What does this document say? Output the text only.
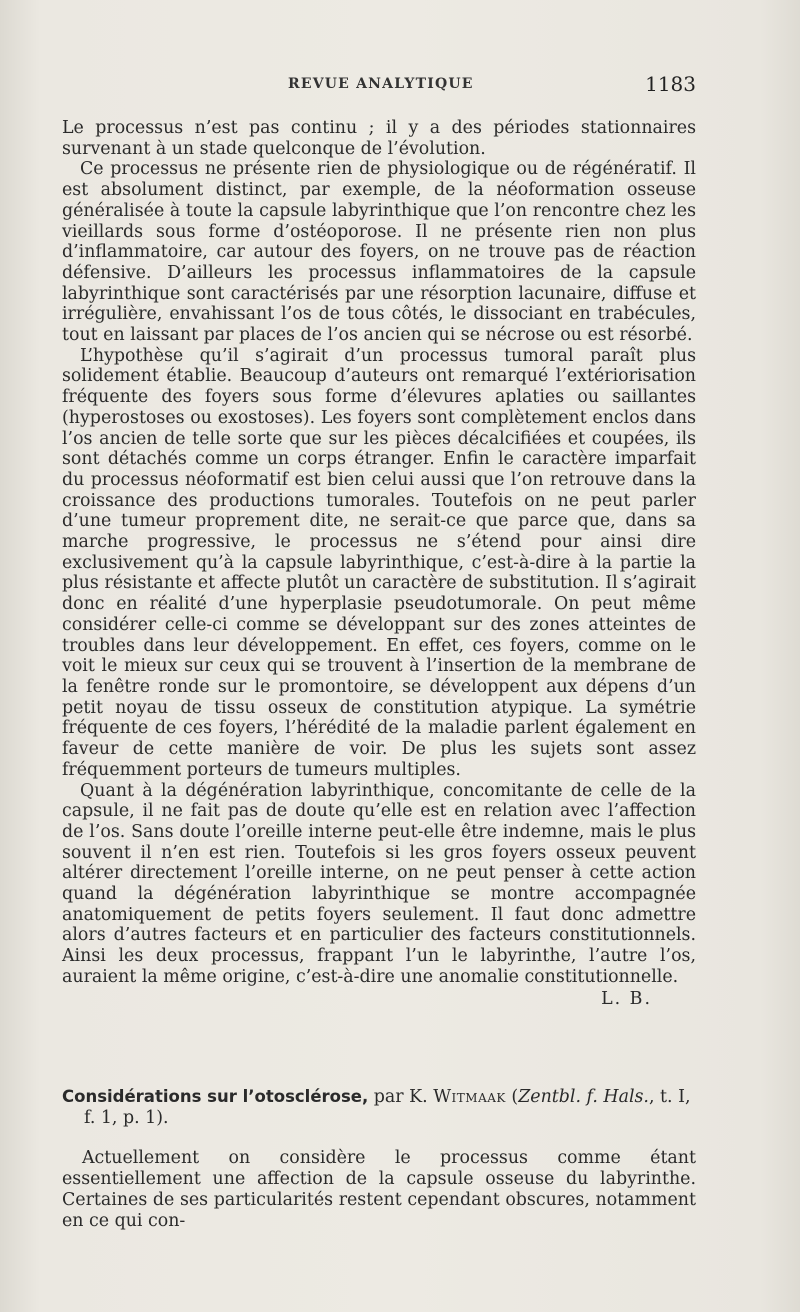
REVUE ANALYTIQUE	1183

Le processus n’est pas continu ; il y a des périodes stationnaires survenant à un stade quelconque de l’évolution.

Ce processus ne présente rien de physiologique ou de régénératif. Il est absolument distinct, par exemple, de la néoformation osseuse généralisée à toute la capsule labyrinthique que l’on rencontre chez les vieillards sous forme d’ostéoporose. Il ne présente rien non plus d’inflammatoire, car autour des foyers, on ne trouve pas de réaction défensive. D’ailleurs les processus inflammatoires de la capsule labyrinthique sont caractérisés par une résorption lacunaire, diffuse et irrégulière, envahissant l’os de tous côtés, le dissociant en trabécules, tout en laissant par places de l’os ancien qui se nécrose ou est résorbé.

L’hypothèse qu’il s’agirait d’un processus tumoral paraît plus solidement établie. Beaucoup d’auteurs ont remarqué l’extériorisation fréquente des foyers sous forme d’élevures aplaties ou saillantes (hyperostoses ou exostoses). Les foyers sont complètement enclos dans l’os ancien de telle sorte que sur les pièces décalcifiées et coupées, ils sont détachés comme un corps étranger. Enfin le caractère imparfait du processus néoformatif est bien celui aussi que l’on retrouve dans la croissance des productions tumorales. Toutefois on ne peut parler d’une tumeur proprement dite, ne serait-ce que parce que, dans sa marche progressive, le processus ne s’étend pour ainsi dire exclusivement qu’à la capsule labyrinthique, c’est-à-dire à la partie la plus résistante et affecte plutôt un caractère de substitution. Il s’agirait donc en réalité d’une hyperplasie pseudotumorale. On peut même considérer celle-ci comme se développant sur des zones atteintes de troubles dans leur développement. En effet, ces foyers, comme on le voit le mieux sur ceux qui se trouvent à l’insertion de la membrane de la fenêtre ronde sur le promontoire, se développent aux dépens d’un petit noyau de tissu osseux de constitution atypique. La symétrie fréquente de ces foyers, l’hérédité de la maladie parlent également en faveur de cette manière de voir. De plus les sujets sont assez fréquemment porteurs de tumeurs multiples.

Quant à la dégénération labyrinthique, concomitante de celle de la capsule, il ne fait pas de doute qu’elle est en relation avec l’affection de l’os. Sans doute l’oreille interne peut-elle être indemne, mais le plus souvent il n’en est rien. Toutefois si les gros foyers osseux peuvent altérer directement l’oreille interne, on ne peut penser à cette action quand la dégénération labyrinthique se montre accompagnée anatomiquement de petits foyers seulement. Il faut donc admettre alors d’autres facteurs et en particulier des facteurs constitutionnels. Ainsi les deux processus, frappant l’un le labyrinthe, l’autre l’os, auraient la même origine, c’est-à-dire une anomalie constitutionnelle.

L. B.

Considérations sur l’otosclérose, par K. Witmaak (Zentbl. f. Hals., t. I, f. 1, p. 1).

Actuellement on considère le processus comme étant essentiellement une affection de la capsule osseuse du labyrinthe. Certaines de ses particularités restent cependant obscures, notamment en ce qui con-
